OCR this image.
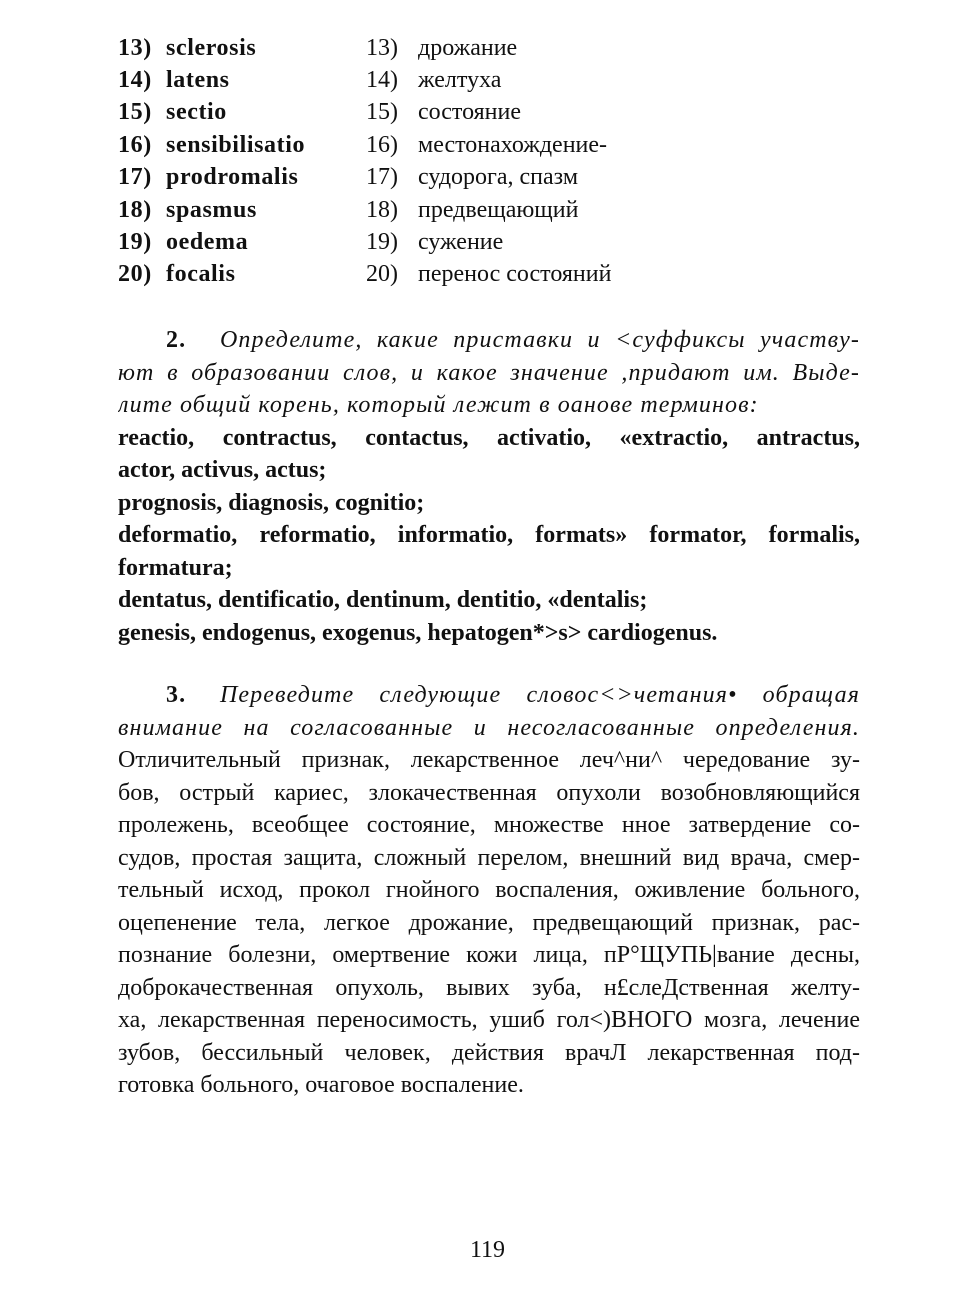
13) sclerosis	13) дрожание
14) latens	14) желтуха
15) sectio	15) состояние
16) sensibilisatio	16) местонахождение-
17) prodromalis	17) судорога, спазм
18) spasmus	18) предвещающий
19) oedema	19) сужение
20) focalis	20) перенос состояний
2. Определите, какие приставки и <суффиксы участву-
ют в образовании слов, и какое значение ,придают им. Выде-
лите общий корень, который лежит в оанове терминов:
reactio, contractus, contactus, activatio, «extractio, antractus,
actor, activus, actus;
prognosis, diagnosis, cognitio;
deformatio, reformatio, informatio, formats» formator, formalis,
formatura;
dentatus, dentificatio, dentinum, dentitio, «dentalis;
genesis, endogenus, exogenus, hepatogen*>s> cardiogenus.
3. Переведите следующие словос<>четания• обращая
внимание на согласованные и несогласованные определения.
Отличительный признак, лекарственное леч^ни^ чередование зу-
бов, острый кариес, злокачественная опухоли возобновляющийся
пролежень, всеобщее состояние, множестве нное затвердение со-
судов, простая защита, сложный перелом, внешний вид врача, смер-
тельный исход, прокол гнойного воспаления, оживление больного,
оцепенение тела, легкое дрожание, предвещающий признак, рас-
познание болезни, омертвение кожи лица, пР°ЩУПЬ|вание десны,
доброкачественная опухоль, вывих зуба, н£слеДственная желту-
ха, лекарственная переносимость, ушиб гол<)ВНОГО мозга, лечение
зубов, бессильный человек, действия врачЛ лекарственная под-
готовка больного, очаговое воспаление.
119
